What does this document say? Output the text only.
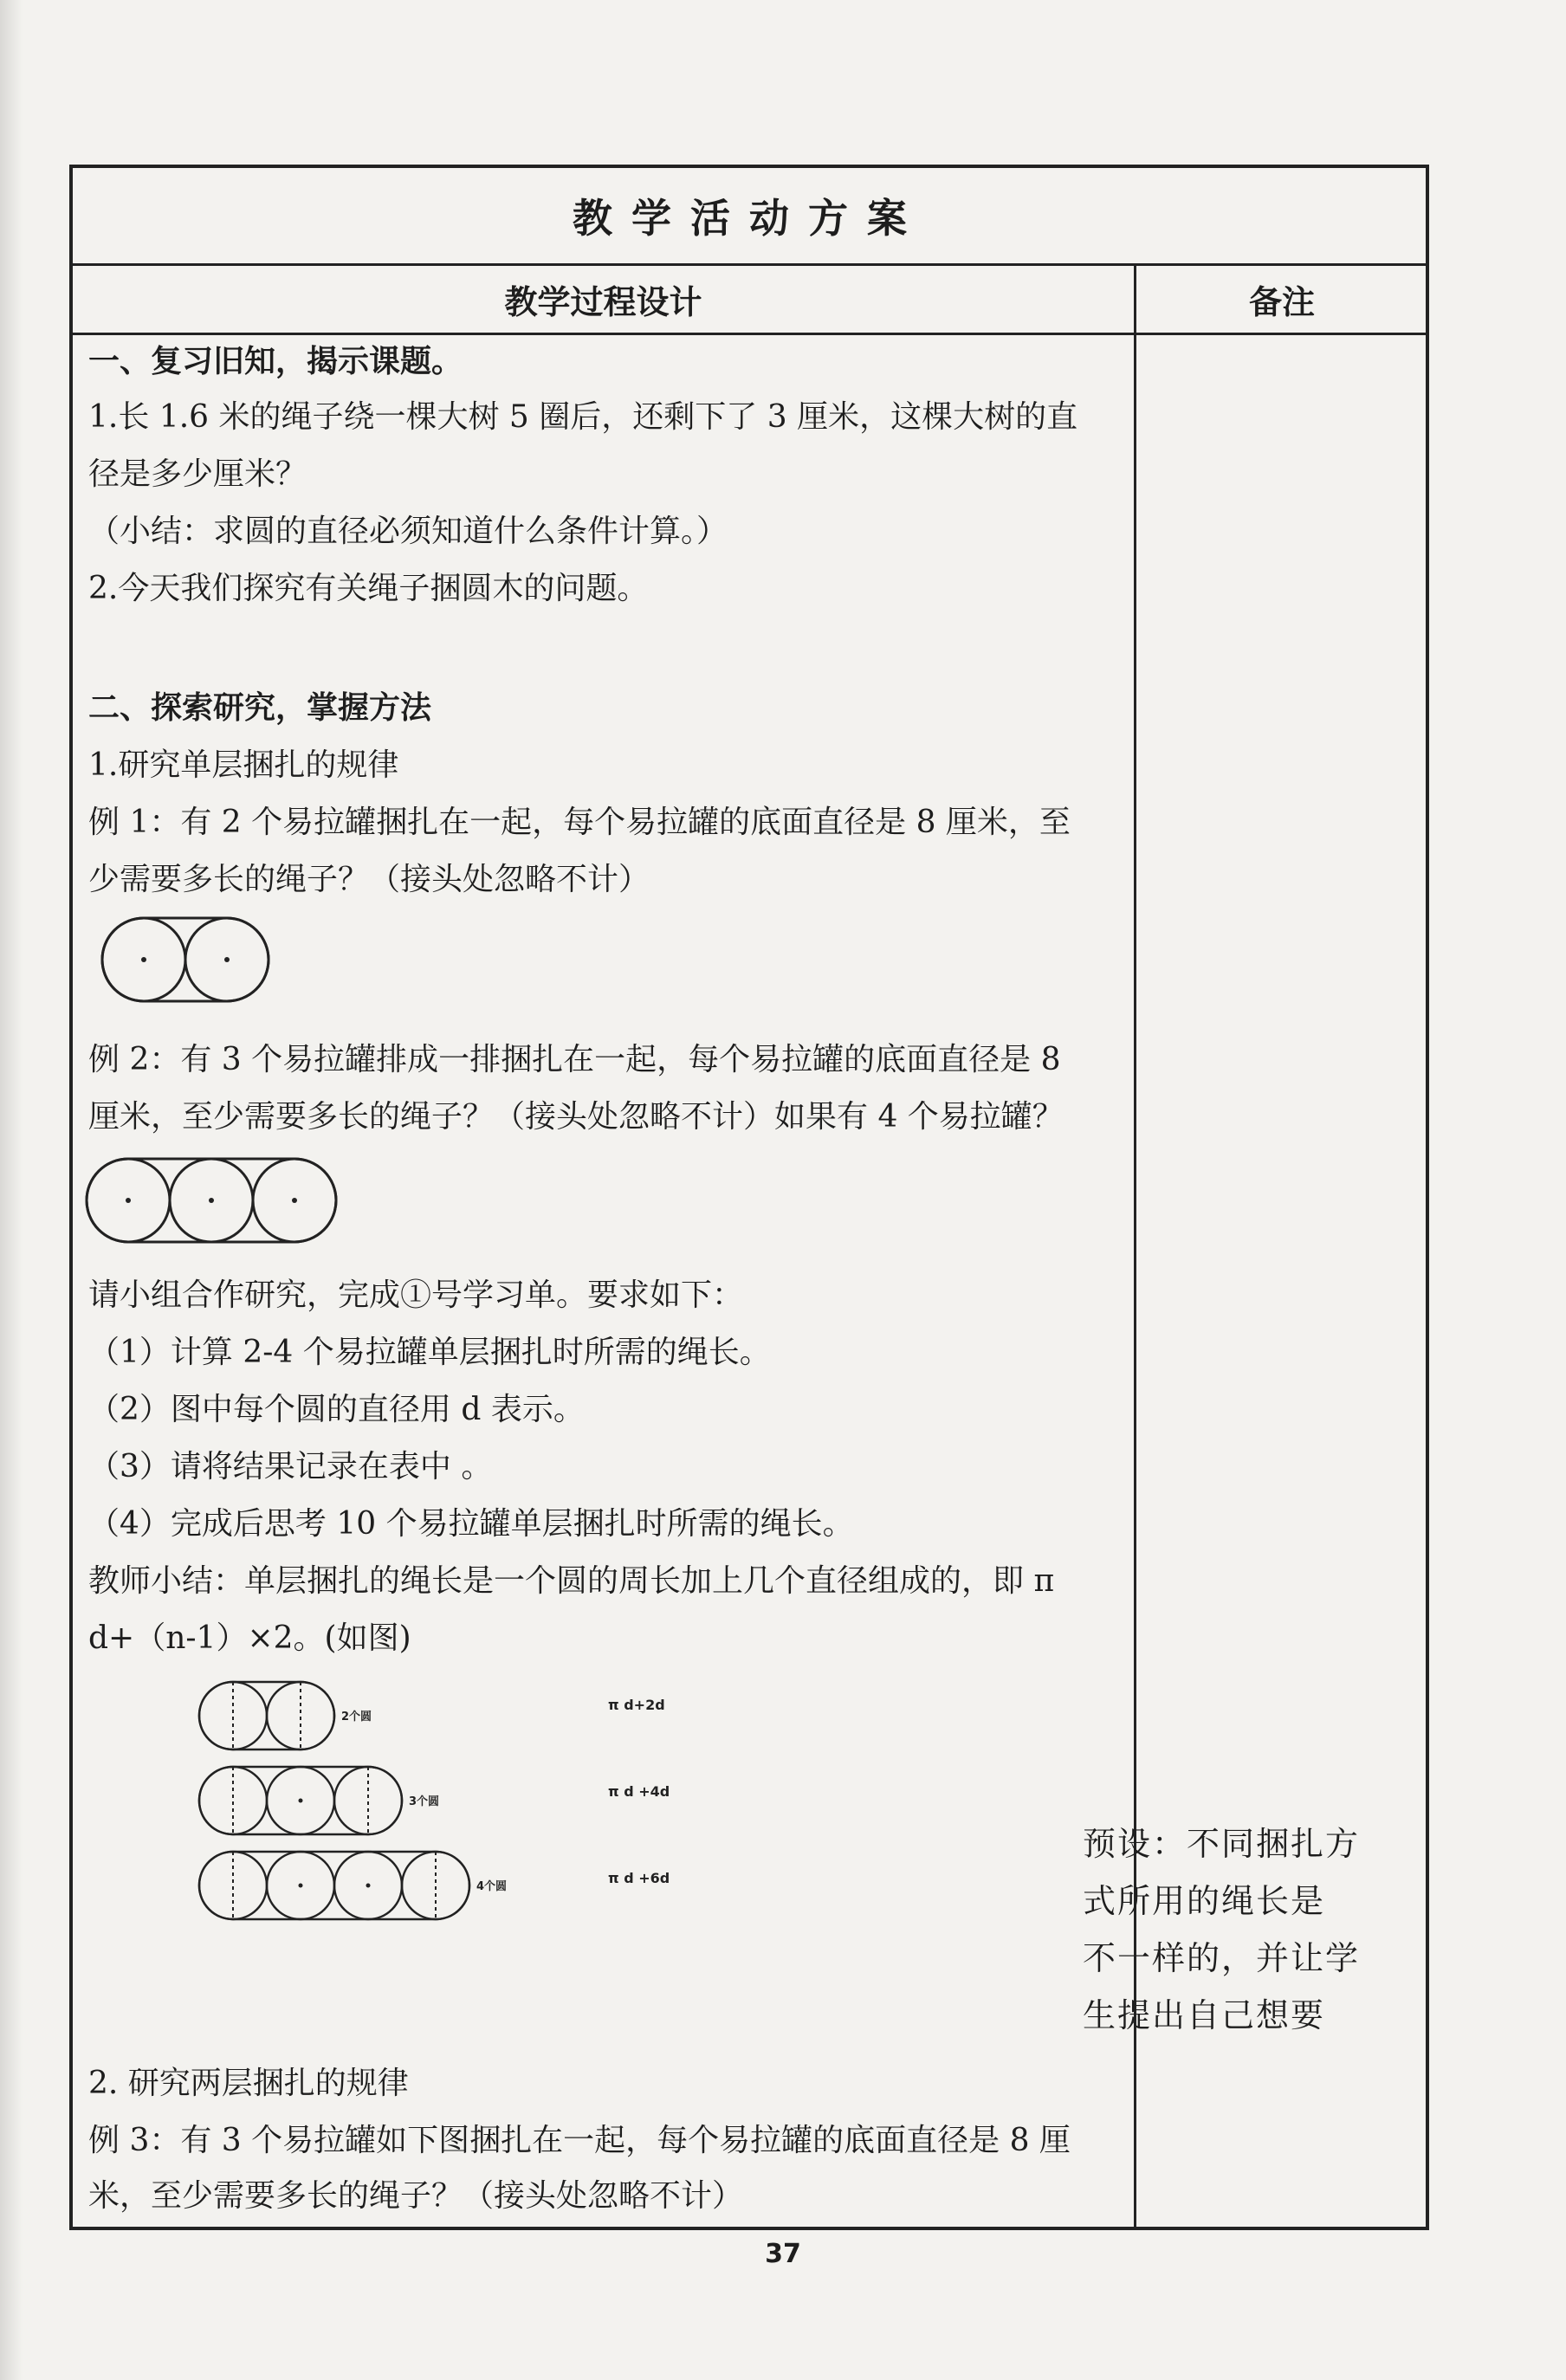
教学活动方案
教学过程设计	备注
一、复习旧知，揭示课题。
1.长 1.6 米的绳子绕一棵大树 5 圈后，还剩下了 3 厘米，这棵大树的直
径是多少厘米？
（小结：求圆的直径必须知道什么条件计算。）
2.今天我们探究有关绳子捆圆木的问题。
二、探索研究，掌握方法
1.研究单层捆扎的规律
例 1：有 2 个易拉罐捆扎在一起，每个易拉罐的底面直径是 8 厘米，至
少需要多长的绳子？（接头处忽略不计）
例 2：有 3 个易拉罐排成一排捆扎在一起，每个易拉罐的底面直径是 8
厘米，至少需要多长的绳子？（接头处忽略不计）如果有 4 个易拉罐？
请小组合作研究，完成①号学习单。要求如下：
（1）计算 2-4 个易拉罐单层捆扎时所需的绳长。
（2）图中每个圆的直径用 d 表示。
（3）请将结果记录在表中 。
（4）完成后思考 10 个易拉罐单层捆扎时所需的绳长。
教师小结：单层捆扎的绳长是一个圆的周长加上几个直径组成的，即 π
d+（n-1）×2。(如图)
2个圆
3个圆
4个圆
π d+2d
π d +4d
π d +6d
2. 研究两层捆扎的规律
例 3：有 3 个易拉罐如下图捆扎在一起，每个易拉罐的底面直径是 8 厘
米，至少需要多长的绳子？（接头处忽略不计）
预设：不同捆扎方
式所用的绳长是
不一样的，并让学
生提出自己想要
37
